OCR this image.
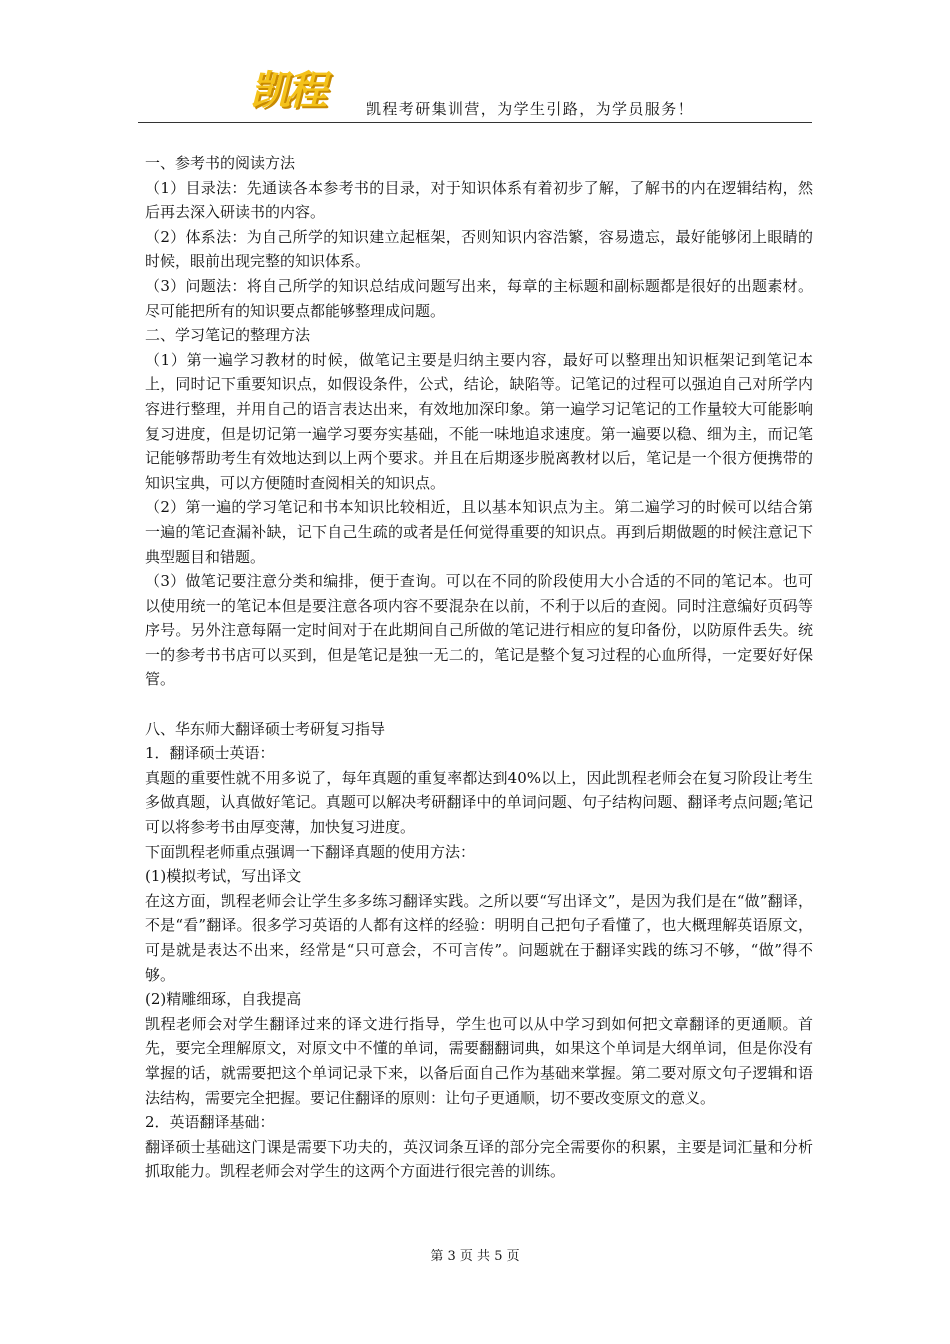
凯程	凯程考研集训营，为学生引路，为学员服务！

一、参考书的阅读方法

（1）目录法：先通读各本参考书的目录，对于知识体系有着初步了解，了解书的内在逻辑结构，然后再去深入研读书的内容。

（2）体系法：为自己所学的知识建立起框架，否则知识内容浩繁，容易遗忘，最好能够闭上眼睛的时候，眼前出现完整的知识体系。

（3）问题法：将自己所学的知识总结成问题写出来，每章的主标题和副标题都是很好的出题素材。尽可能把所有的知识要点都能够整理成问题。

二、学习笔记的整理方法

（1）第一遍学习教材的时候，做笔记主要是归纳主要内容，最好可以整理出知识框架记到笔记本上，同时记下重要知识点，如假设条件，公式，结论，缺陷等。记笔记的过程可以强迫自己对所学内容进行整理，并用自己的语言表达出来，有效地加深印象。第一遍学习记笔记的工作量较大可能影响复习进度，但是切记第一遍学习要夯实基础，不能一味地追求速度。第一遍要以稳、细为主，而记笔记能够帮助考生有效地达到以上两个要求。并且在后期逐步脱离教材以后，笔记是一个很方便携带的知识宝典，可以方便随时查阅相关的知识点。

（2）第一遍的学习笔记和书本知识比较相近，且以基本知识点为主。第二遍学习的时候可以结合第一遍的笔记查漏补缺，记下自己生疏的或者是任何觉得重要的知识点。再到后期做题的时候注意记下典型题目和错题。

（3）做笔记要注意分类和编排，便于查询。可以在不同的阶段使用大小合适的不同的笔记本。也可以使用统一的笔记本但是要注意各项内容不要混杂在以前，不利于以后的查阅。同时注意编好页码等序号。另外注意每隔一定时间对于在此期间自己所做的笔记进行相应的复印备份，以防原件丢失。统一的参考书书店可以买到，但是笔记是独一无二的，笔记是整个复习过程的心血所得，一定要好好保管。

八、华东师大翻译硕士考研复习指导

1．翻译硕士英语：

真题的重要性就不用多说了，每年真题的重复率都达到40%以上，因此凯程老师会在复习阶段让考生多做真题，认真做好笔记。真题可以解决考研翻译中的单词问题、句子结构问题、翻译考点问题;笔记可以将参考书由厚变薄，加快复习进度。

下面凯程老师重点强调一下翻译真题的使用方法：

(1)模拟考试，写出译文

在这方面，凯程老师会让学生多多练习翻译实践。之所以要“写出译文”，是因为我们是在“做”翻译，不是“看”翻译。很多学习英语的人都有这样的经验：明明自己把句子看懂了，也大概理解英语原文，可是就是表达不出来，经常是“只可意会，不可言传”。问题就在于翻译实践的练习不够，“做”得不够。

(2)精雕细琢，自我提高

凯程老师会对学生翻译过来的译文进行指导，学生也可以从中学习到如何把文章翻译的更通顺。首先，要完全理解原文，对原文中不懂的单词，需要翻翻词典，如果这个单词是大纲单词，但是你没有掌握的话，就需要把这个单词记录下来，以备后面自己作为基础来掌握。第二要对原文句子逻辑和语法结构，需要完全把握。要记住翻译的原则：让句子更通顺，切不要改变原文的意义。

2．英语翻译基础：

翻译硕士基础这门课是需要下功夫的，英汉词条互译的部分完全需要你的积累，主要是词汇量和分析抓取能力。凯程老师会对学生的这两个方面进行很完善的训练。

第 3 页 共 5 页
